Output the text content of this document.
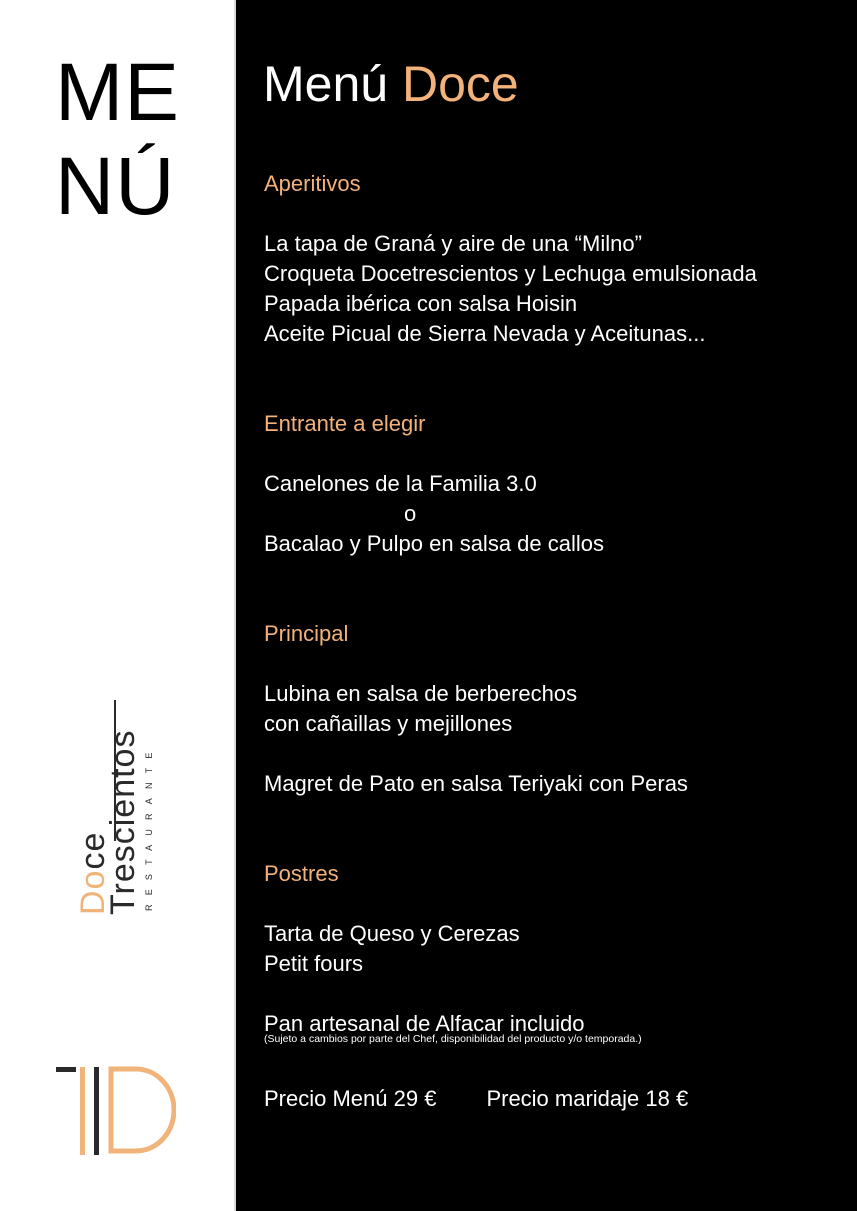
ME
NÚ
Doce
Trescientos RESTAURANTE
Menú Doce
Aperitivos
La tapa de Graná y aire de una “Milno”
Croqueta Docetrescientos y Lechuga emulsionada
Papada ibérica con salsa Hoisin
Aceite Picual de Sierra Nevada y Aceitunas...
Entrante a elegir
Canelones de la Familia 3.0
o
Bacalao y Pulpo en salsa de callos
Principal
Lubina en salsa de berberechos
con cañaillas y mejillones
Magret de Pato en salsa Teriyaki con Peras
Postres
Tarta de Queso y Cerezas
Petit fours
Pan artesanal de Alfacar incluido
(Sujeto a cambios por parte del Chef, disponibilidad del producto y/o temporada.)
Precio Menú 29 € Precio maridaje 18 €
